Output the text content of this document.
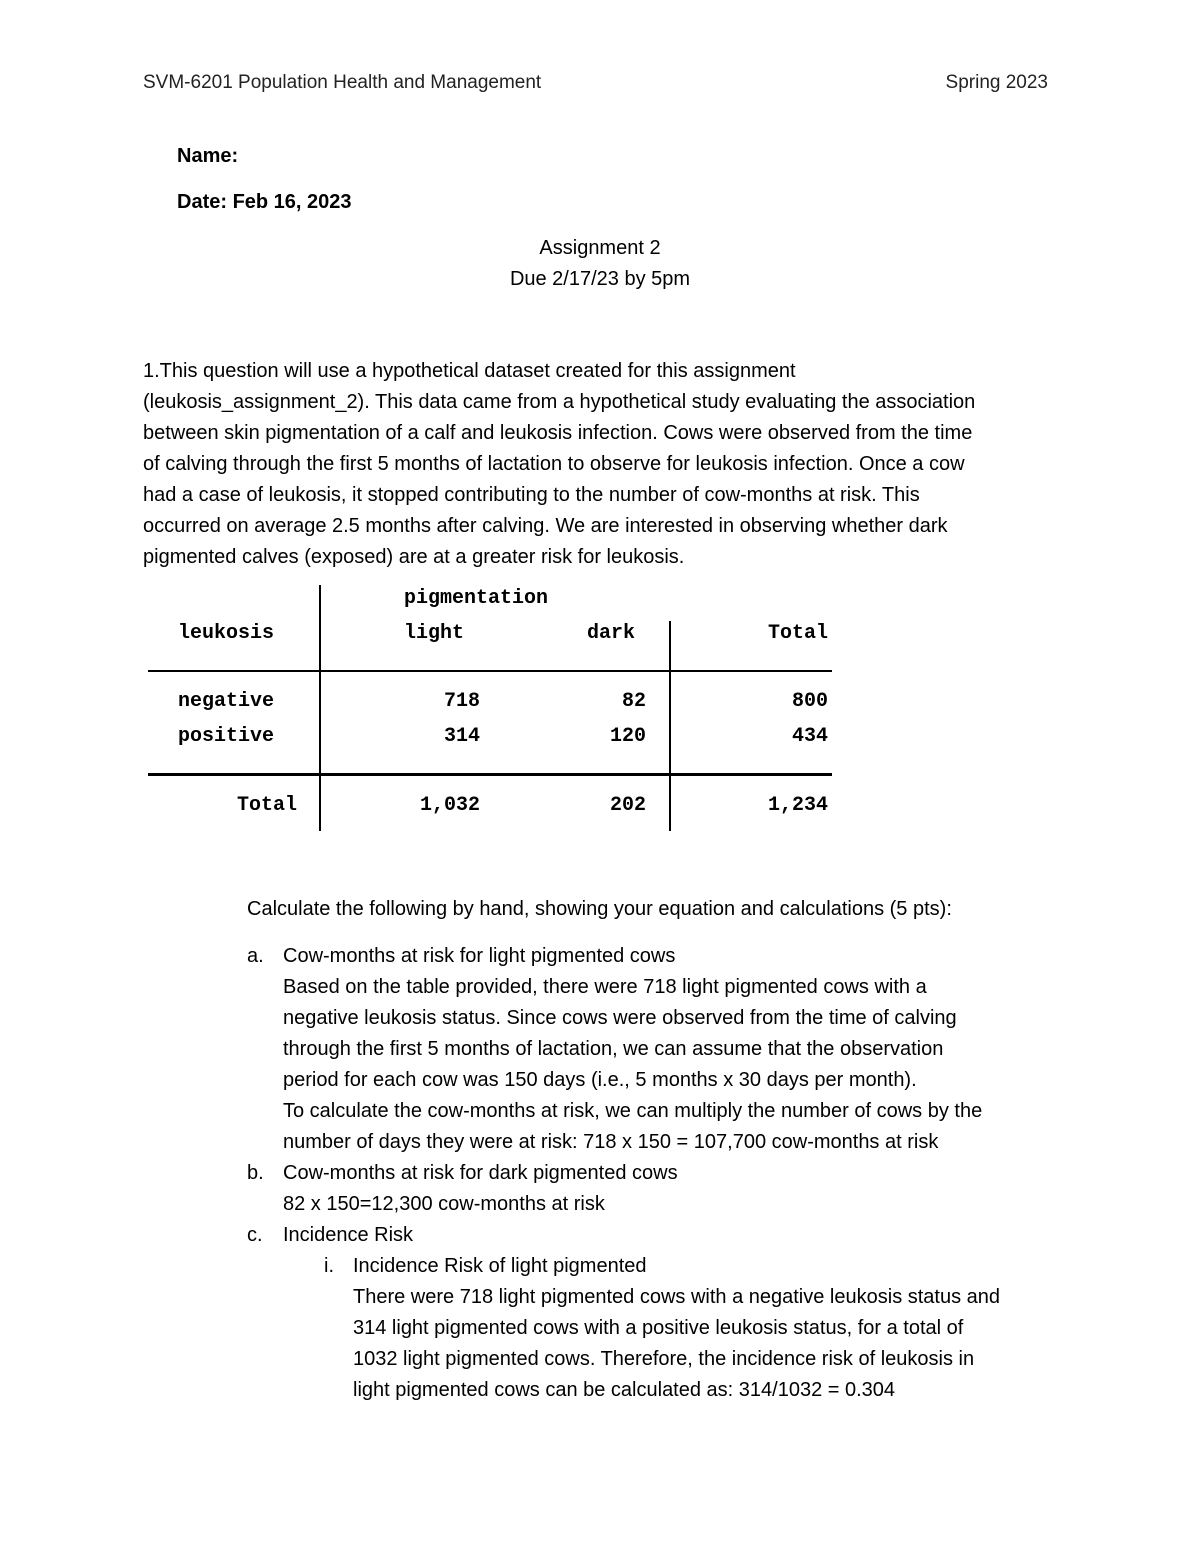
SVM-6201 Population Health and Management	Spring 2023
Name:
Date: Feb 16, 2023
Assignment 2
Due 2/17/23 by 5pm

1.This question will use a hypothetical dataset created for this assignment

(leukosis_assignment_2). This data came from a hypothetical study evaluating the association

between skin pigmentation of a calf and leukosis infection. Cows were observed from the time

of calving through the first 5 months of lactation to observe for leukosis infection. Once a cow

had a case of leukosis, it stopped contributing to the number of cow-months at risk. This

occurred on average 2.5 months after calving. We are interested in observing whether dark

pigmented calves (exposed) are at a greater risk for leukosis.

pigmentation
leukosis	light	dark	Total
negative	718	82	800
positive	314	120	434
Total	1,032	202	1,234
Calculate the following by hand, showing your equation and calculations (5 pts):
a. Cow-months at risk for light pigmented cows
Based on the table provided, there were 718 light pigmented cows with a
negative leukosis status. Since cows were observed from the time of calving
through the first 5 months of lactation, we can assume that the observation
period for each cow was 150 days (i.e., 5 months x 30 days per month).
To calculate the cow-months at risk, we can multiply the number of cows by the
number of days they were at risk: 718 x 150 = 107,700 cow-months at risk
b. Cow-months at risk for dark pigmented cows
82 x 150=12,300 cow-months at risk
c. Incidence Risk
i. Incidence Risk of light pigmented
There were 718 light pigmented cows with a negative leukosis status and
314 light pigmented cows with a positive leukosis status, for a total of
1032 light pigmented cows. Therefore, the incidence risk of leukosis in
light pigmented cows can be calculated as: 314/1032 = 0.304
